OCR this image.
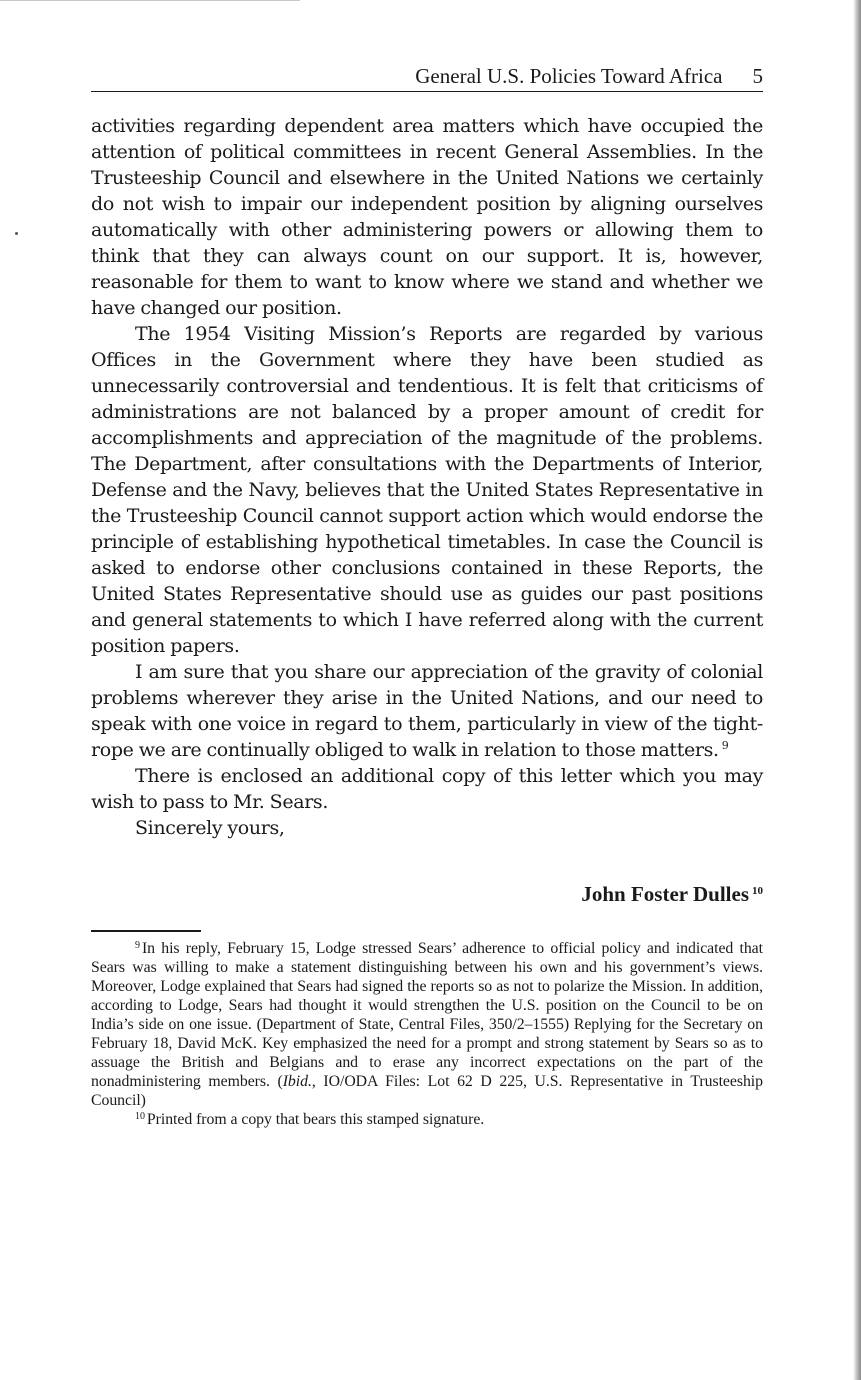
General U.S. Policies Toward Africa 5

activities regarding dependent area matters which have occupied the attention of political committees in recent General Assemblies. In the Trusteeship Council and elsewhere in the United Nations we certainly do not wish to impair our independent position by aligning ourselves automatically with other administering powers or allowing them to think that they can always count on our support. It is, however, reasonable for them to want to know where we stand and whether we have changed our position.

The 1954 Visiting Mission’s Reports are regarded by various Offices in the Government where they have been studied as unnecessarily controversial and tendentious. It is felt that criticisms of administrations are not balanced by a proper amount of credit for accomplishments and appreciation of the magnitude of the problems. The Department, after consultations with the Departments of Interior, Defense and the Navy, believes that the United States Representative in the Trusteeship Council cannot support action which would endorse the principle of establishing hypothetical timetables. In case the Council is asked to endorse other conclusions contained in these Reports, the United States Representative should use as guides our past positions and general statements to which I have referred along with the current position papers.

I am sure that you share our appreciation of the gravity of colonial problems wherever they arise in the United Nations, and our need to speak with one voice in regard to them, particularly in view of the tight-rope we are continually obliged to walk in relation to those matters. $^9$

There is enclosed an additional copy of this letter which you may wish to pass to Mr. Sears.

Sincerely yours,

John Foster Dulles $^{10}$

$^9$ In his reply, February 15, Lodge stressed Sears’ adherence to official policy and indicated that Sears was willing to make a statement distinguishing between his own and his government’s views. Moreover, Lodge explained that Sears had signed the reports so as not to polarize the Mission. In addition, according to Lodge, Sears had thought it would strengthen the U.S. position on the Council to be on India’s side on one issue. (Department of State, Central Files, 350/2–1555) Replying for the Secretary on February 18, David McK. Key emphasized the need for a prompt and strong statement by Sears so as to assuage the British and Belgians and to erase any incorrect expectations on the part of the nonadministering members. (Ibid., IO/ODA Files: Lot 62 D 225, U.S. Representative in Trusteeship Council)

$^{10}$ Printed from a copy that bears this stamped signature.
